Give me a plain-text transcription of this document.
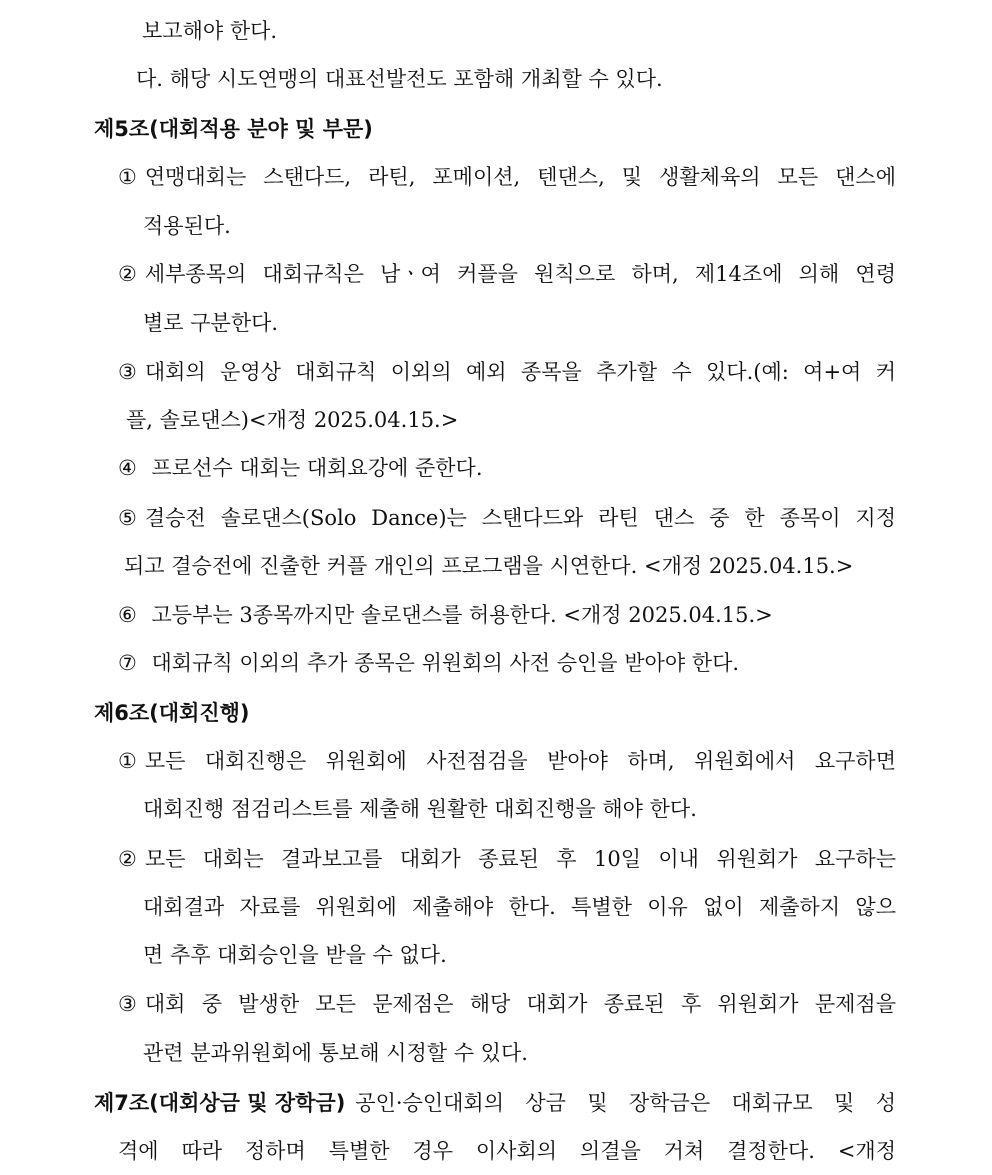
보고해야 한다.
다. 해당 시도연맹의 대표선발전도 포함해 개최할 수 있다.
제5조(대회적용 분야 및 부문)
① 연맹대회는 스탠다드, 라틴, 포메이션, 텐댄스, 및 생활체육의 모든 댄스에
적용된다.
② 세부종목의 대회규칙은 남ㆍ여 커플을 원칙으로 하며, 제14조에 의해 연령
별로 구분한다.
③ 대회의 운영상 대회규칙 이외의 예외 종목을 추가할 수 있다.(예: 여+여 커
플, 솔로댄스)<개정 2025.04.15.>
④ 프로선수 대회는 대회요강에 준한다.
⑤ 결승전 솔로댄스(Solo Dance)는 스탠다드와 라틴 댄스 중 한 종목이 지정
되고 결승전에 진출한 커플 개인의 프로그램을 시연한다. <개정 2025.04.15.>
⑥ 고등부는 3종목까지만 솔로댄스를 허용한다. <개정 2025.04.15.>
⑦ 대회규칙 이외의 추가 종목은 위원회의 사전 승인을 받아야 한다.
제6조(대회진행)
① 모든 대회진행은 위원회에 사전점검을 받아야 하며, 위원회에서 요구하면
대회진행 점검리스트를 제출해 원활한 대회진행을 해야 한다.
② 모든 대회는 결과보고를 대회가 종료된 후 10일 이내 위원회가 요구하는
대회결과 자료를 위원회에 제출해야 한다. 특별한 이유 없이 제출하지 않으
면 추후 대회승인을 받을 수 없다.
③ 대회 중 발생한 모든 문제점은 해당 대회가 종료된 후 위원회가 문제점을
관련 분과위원회에 통보해 시정할 수 있다.
제7조(대회상금 및 장학금) 공인·승인대회의 상금 및 장학금은 대회규모 및 성
격에 따라 정하며 특별한 경우 이사회의 의결을 거쳐 결정한다. <개정
